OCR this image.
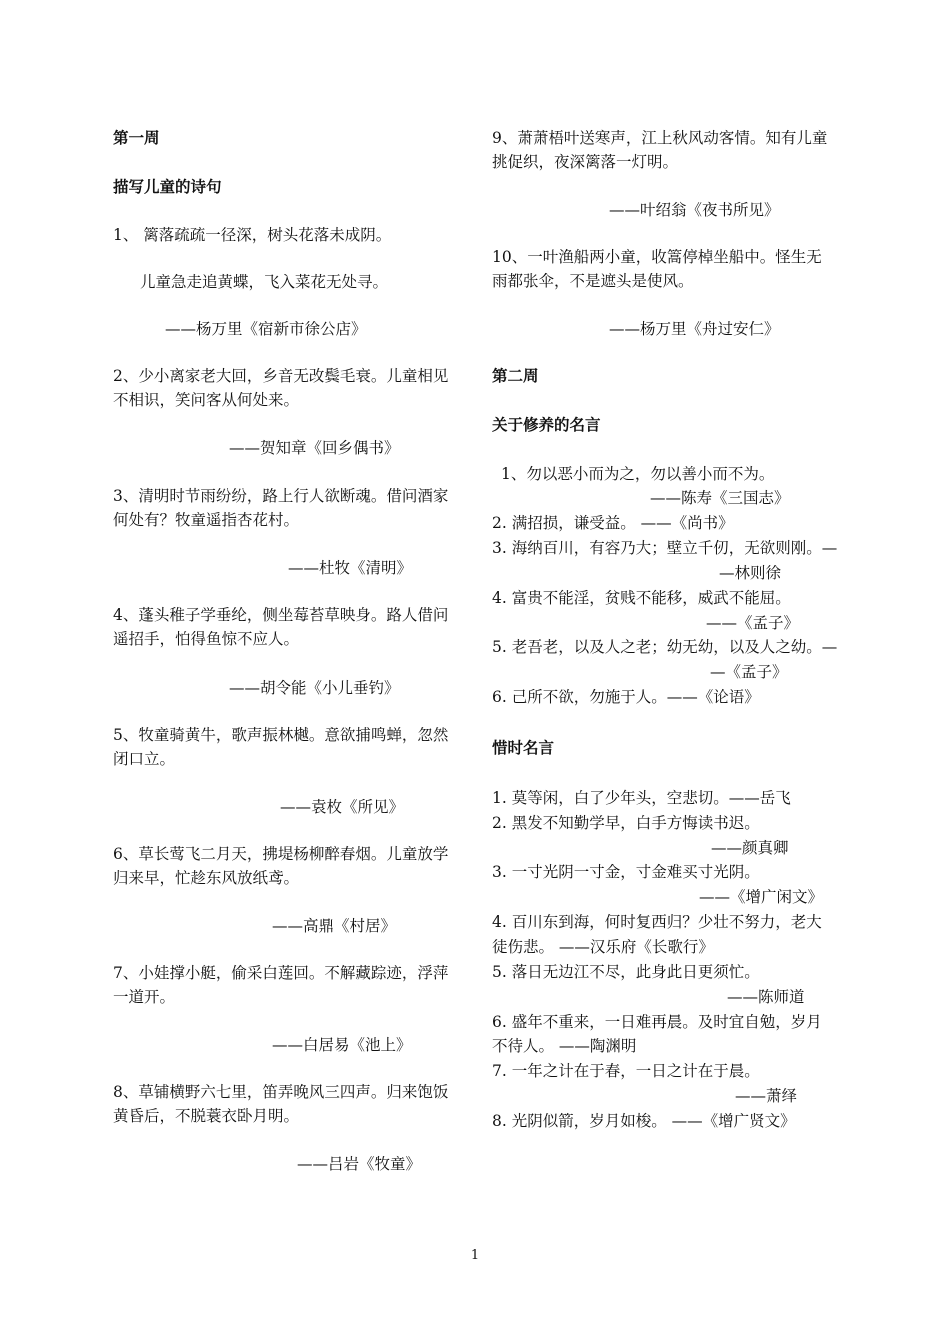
第一周
描写儿童的诗句
1、 篱落疏疏一径深，树头花落未成阴。
儿童急走追黄蝶，飞入菜花无处寻。
——杨万里《宿新市徐公店》
2、少小离家老大回，乡音无改鬓毛衰。儿童相见
不相识，笑问客从何处来。
——贺知章《回乡偶书》
3、清明时节雨纷纷，路上行人欲断魂。借问酒家
何处有？牧童遥指杏花村。
——杜牧《清明》
4、蓬头稚子学垂纶，侧坐莓苔草映身。路人借问
遥招手，怕得鱼惊不应人。
——胡令能《小儿垂钓》
5、牧童骑黄牛，歌声振林樾。意欲捕鸣蝉，忽然
闭口立。
——袁枚《所见》
6、草长莺飞二月天，拂堤杨柳醉春烟。儿童放学
归来早，忙趁东风放纸鸢。
——高鼎《村居》
7、小娃撑小艇，偷采白莲回。不解藏踪迹，浮萍
一道开。
——白居易《池上》
8、草铺横野六七里，笛弄晚风三四声。归来饱饭
黄昏后，不脱蓑衣卧月明。
——吕岩《牧童》
9、萧萧梧叶送寒声，江上秋风动客情。知有儿童
挑促织，夜深篱落一灯明。
——叶绍翁《夜书所见》
10、一叶渔船两小童，收篙停棹坐船中。怪生无
雨都张伞，不是遮头是使风。
——杨万里《舟过安仁》
第二周
关于修养的名言
1、勿以恶小而为之，勿以善小而不为。
——陈寿《三国志》
2. 满招损，谦受益。 ——《尚书》
3. 海纳百川，有容乃大；壁立千仞，无欲则刚。—
—林则徐
4. 富贵不能淫，贫贱不能移，威武不能屈。
——《孟子》
5. 老吾老，以及人之老；幼无幼，以及人之幼。—
—《孟子》
6. 己所不欲，勿施于人。——《论语》
惜时名言
1. 莫等闲，白了少年头，空悲切。——岳飞
2. 黑发不知勤学早，白手方悔读书迟。
——颜真卿
3. 一寸光阴一寸金，寸金难买寸光阴。
——《增广闲文》
4. 百川东到海，何时复西归？少壮不努力，老大
徒伤悲。 ——汉乐府《长歌行》
5. 落日无边江不尽，此身此日更须忙。
——陈师道
6. 盛年不重来，一日难再晨。及时宜自勉，岁月
不待人。 ——陶渊明
7. 一年之计在于春，一日之计在于晨。
——萧绎
8. 光阴似箭，岁月如梭。 ——《增广贤文》
1
